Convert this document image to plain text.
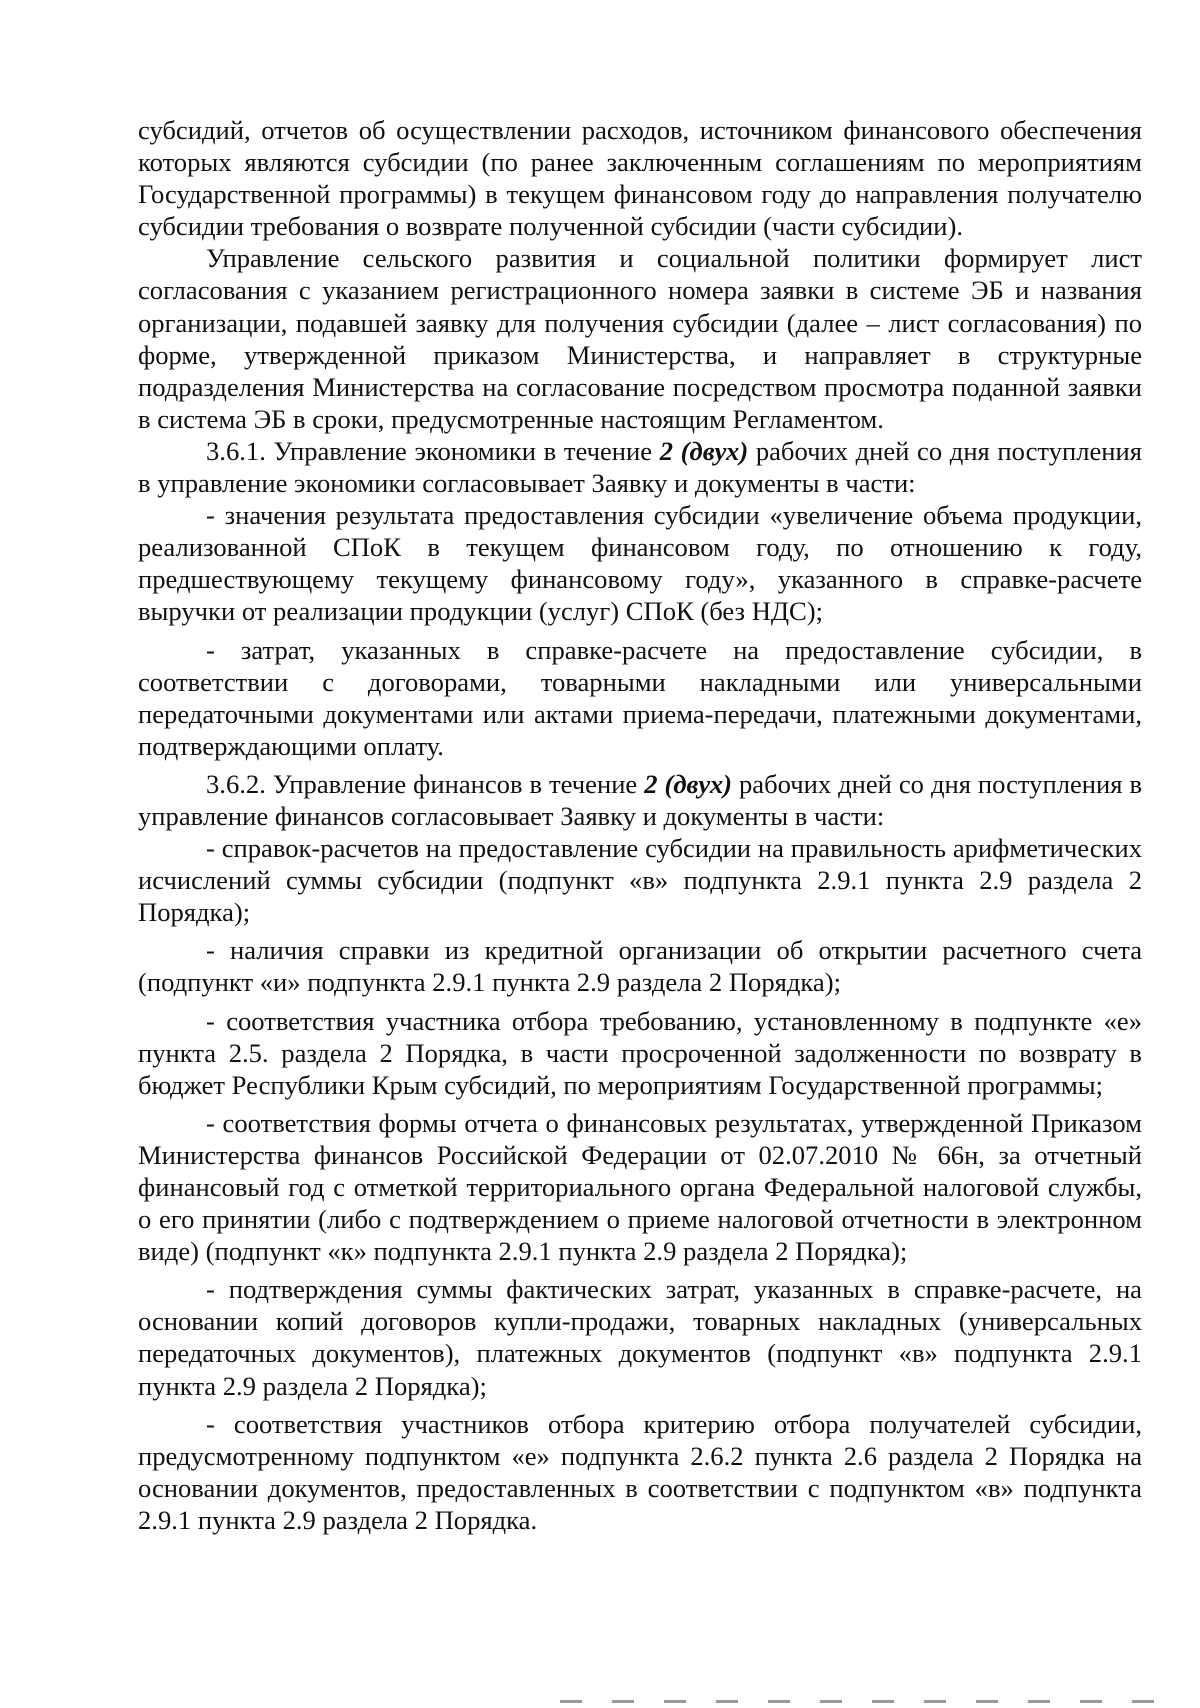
субсидий, отчетов об осуществлении расходов, источником финансового обеспечения которых являются субсидии (по ранее заключенным соглашениям по мероприятиям Государственной программы) в текущем финансовом году до направления получателю субсидии требования о возврате полученной субсидии (части субсидии).

Управление сельского развития и социальной политики формирует лист согласования с указанием регистрационного номера заявки в системе ЭБ и названия организации, подавшей заявку для получения субсидии (далее – лист согласования) по форме, утвержденной приказом Министерства, и направляет в структурные подразделения Министерства на согласование посредством просмотра поданной заявки в система ЭБ в сроки, предусмотренные настоящим Регламентом.

3.6.1. Управление экономики в течение 2 (двух) рабочих дней со дня поступления в управление экономики согласовывает Заявку и документы в части:

- значения результата предоставления субсидии «увеличение объема продукции, реализованной СПоК в текущем финансовом году, по отношению к году, предшествующему текущему финансовому году», указанного в справке-расчете выручки от реализации продукции (услуг) СПоК (без НДС);

- затрат, указанных в справке-расчете на предоставление субсидии, в соответствии с договорами, товарными накладными или универсальными передаточными документами или актами приема-передачи, платежными документами, подтверждающими оплату.

3.6.2. Управление финансов в течение 2 (двух) рабочих дней со дня поступления в управление финансов согласовывает Заявку и документы в части:

- справок-расчетов на предоставление субсидии на правильность арифметических исчислений суммы субсидии (подпункт «в» подпункта 2.9.1 пункта 2.9 раздела 2 Порядка);

- наличия справки из кредитной организации об открытии расчетного счета (подпункт «и» подпункта 2.9.1 пункта 2.9 раздела 2 Порядка);

- соответствия участника отбора требованию, установленному в подпункте «е» пункта 2.5. раздела 2 Порядка, в части просроченной задолженности по возврату в бюджет Республики Крым субсидий, по мероприятиям Государственной программы;

- соответствия формы отчета о финансовых результатах, утвержденной Приказом Министерства финансов Российской Федерации от 02.07.2010 № 66н, за отчетный финансовый год с отметкой территориального органа Федеральной налоговой службы, о его принятии (либо с подтверждением о приеме налоговой отчетности в электронном виде) (подпункт «к» подпункта 2.9.1 пункта 2.9 раздела 2 Порядка);

- подтверждения суммы фактических затрат, указанных в справке-расчете, на основании копий договоров купли-продажи, товарных накладных (универсальных передаточных документов), платежных документов (подпункт «в» подпункта 2.9.1 пункта 2.9 раздела 2 Порядка);

- соответствия участников отбора критерию отбора получателей субсидии, предусмотренному подпунктом «е» подпункта 2.6.2 пункта 2.6 раздела 2 Порядка на основании документов, предоставленных в соответствии с подпунктом «в» подпункта 2.9.1 пункта 2.9 раздела 2 Порядка.
